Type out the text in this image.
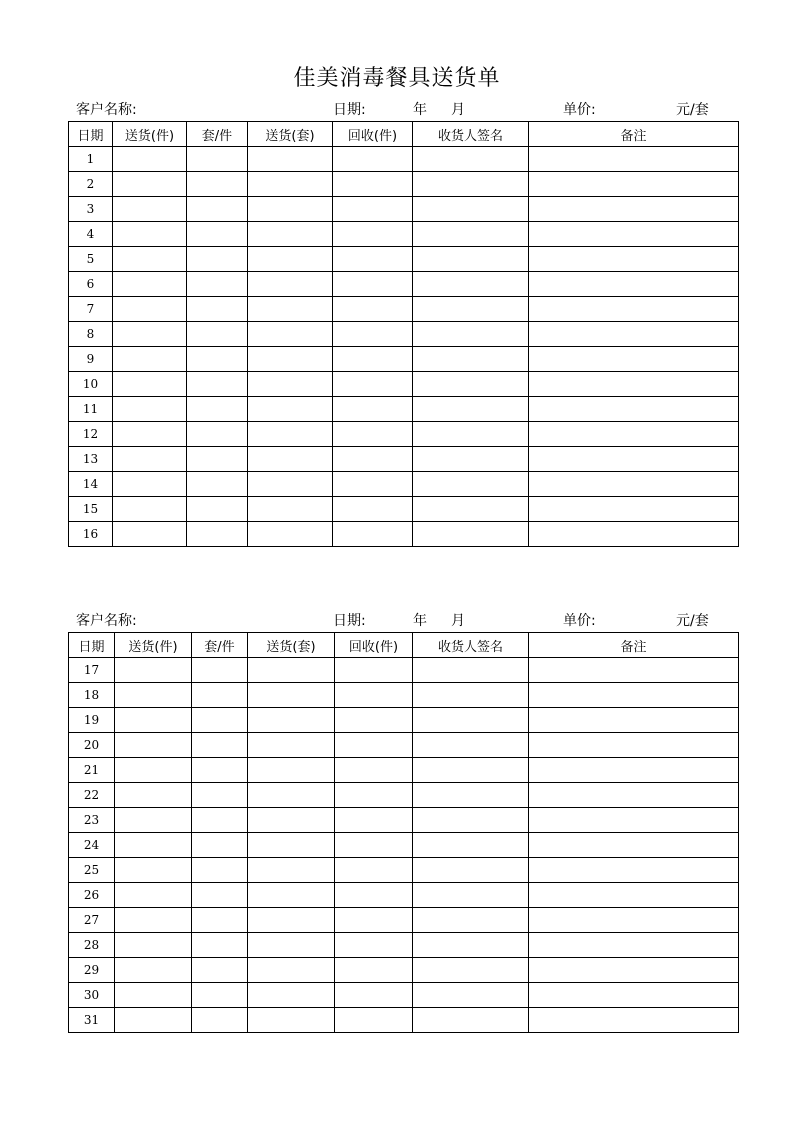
佳美消毒餐具送货单
客户名称:	日期:	年 月	单价:	元/套
日期	送货(件)	套/件	送货(套)	回收(件)	收货人签名	备注
1						
2						
3						
4						
5						
6						
7						
8						
9						
10						
11						
12						
13						
14						
15						
16						
客户名称:	日期:	年 月	单价:	元/套
日期	送货(件)	套/件	送货(套)	回收(件)	收货人签名	备注
17						
18						
19						
20						
21						
22						
23						
24						
25						
26						
27						
28						
29						
30						
31						
